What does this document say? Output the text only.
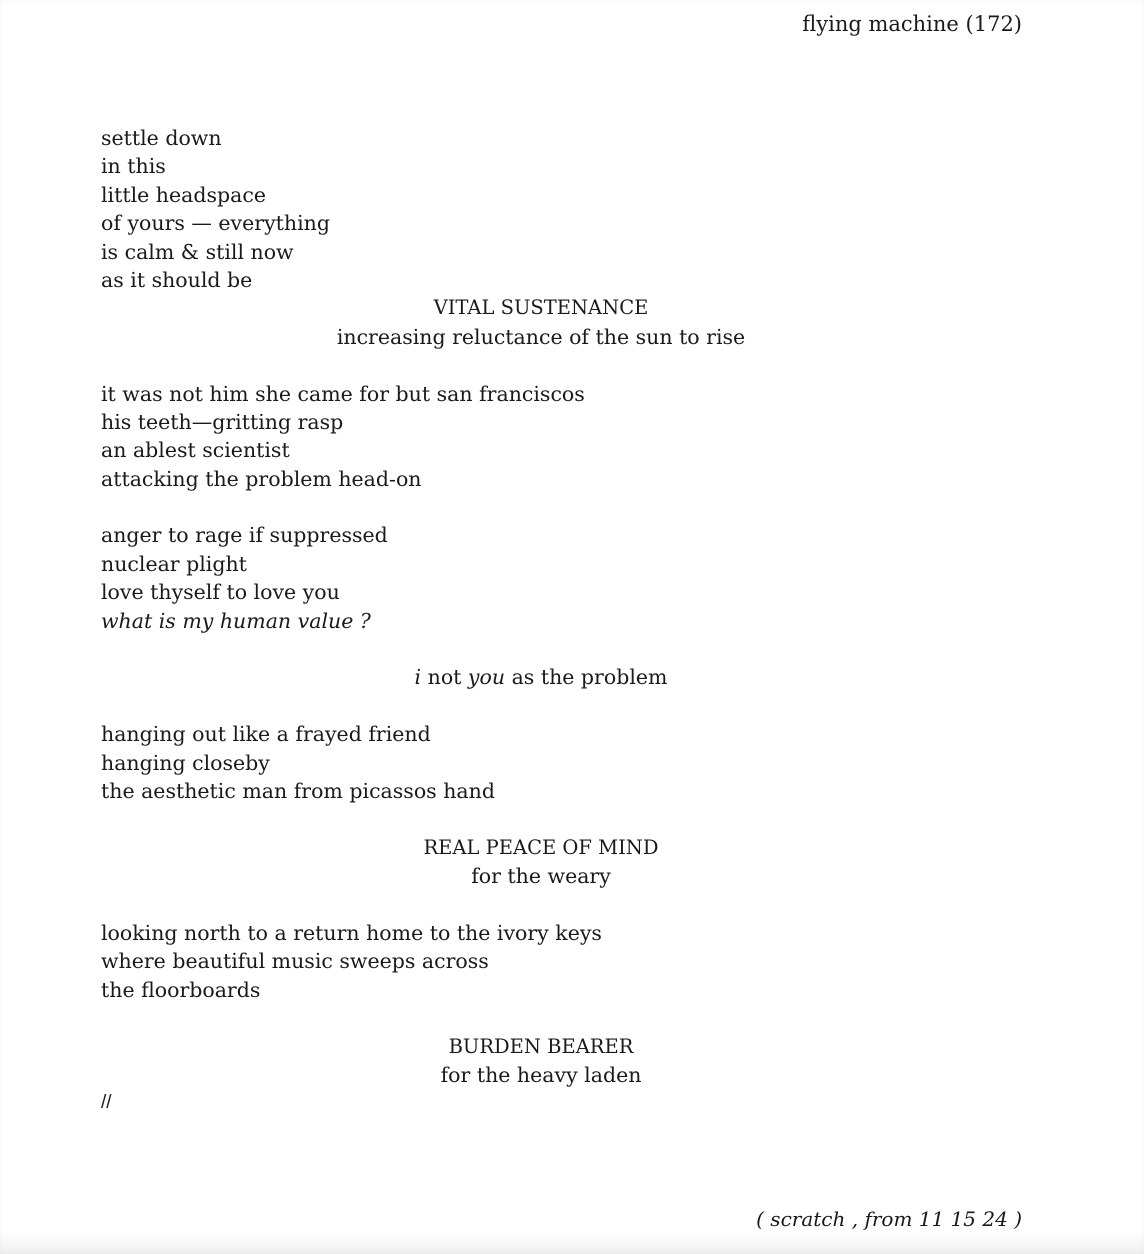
flying machine (172)
settle down
in this
little headspace
of yours — everything
is calm & still now
as it should be
VITAL SUSTENANCE
increasing reluctance of the sun to rise
it was not him she came for but san franciscos
his teeth—gritting rasp
an ablest scientist
attacking the problem head-on
anger to rage if suppressed
nuclear plight
love thyself to love you
what is my human value ?
i not you as the problem
hanging out like a frayed friend
hanging closeby
the aesthetic man from picassos hand
REAL PEACE OF MIND
for the weary
looking north to a return home to the ivory keys
where beautiful music sweeps across
the floorboards
BURDEN BEARER
for the heavy laden
//
( scratch , from 11 15 24 )
